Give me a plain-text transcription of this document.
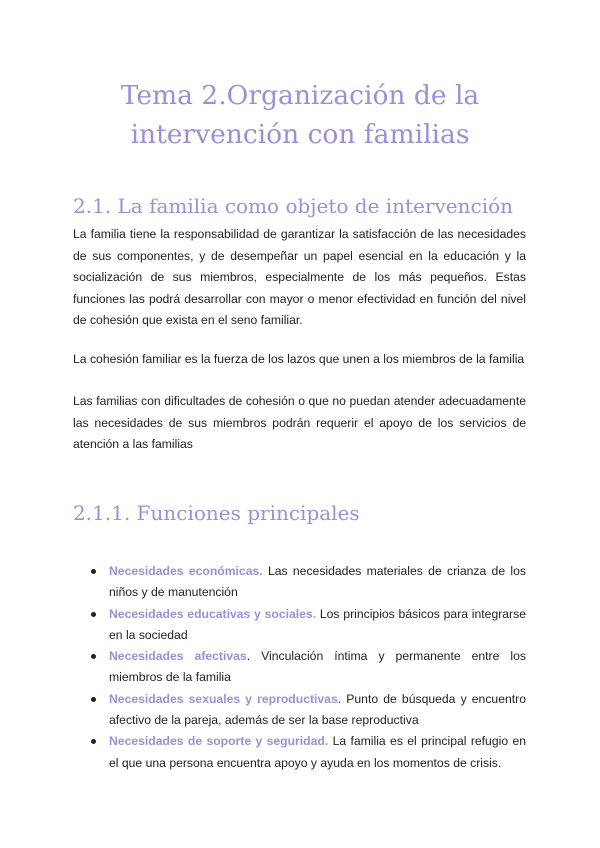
Tema 2.Organización de la
intervención con familias
2.1. La familia como objeto de intervención

La familia tiene la responsabilidad de garantizar la satisfacción de las necesidades de sus componentes, y de desempeñar un papel esencial en la educación y la socialización de sus miembros, especialmente de los más pequeños. Estas funciones las podrá desarrollar con mayor o menor efectividad en función del nivel de cohesión que exista en el seno familiar.

La cohesión familiar es la fuerza de los lazos que unen a los miembros de la familia

Las familias con dificultades de cohesión o que no puedan atender adecuadamente las necesidades de sus miembros podrán requerir el apoyo de los servicios de atención a las familias

2.1.1. Funciones principales
Necesidades económicas. Las necesidades materiales de crianza de los niños y de manutención
Necesidades educativas y sociales. Los principios básicos para integrarse en la sociedad
Necesidades afectivas. Vinculación íntima y permanente entre los miembros de la familia
Necesidades sexuales y reproductivas. Punto de búsqueda y encuentro afectivo de la pareja, además de ser la base reproductiva
Necesidades de soporte y seguridad. La familia es el principal refugio en el que una persona encuentra apoyo y ayuda en los momentos de crisis.
